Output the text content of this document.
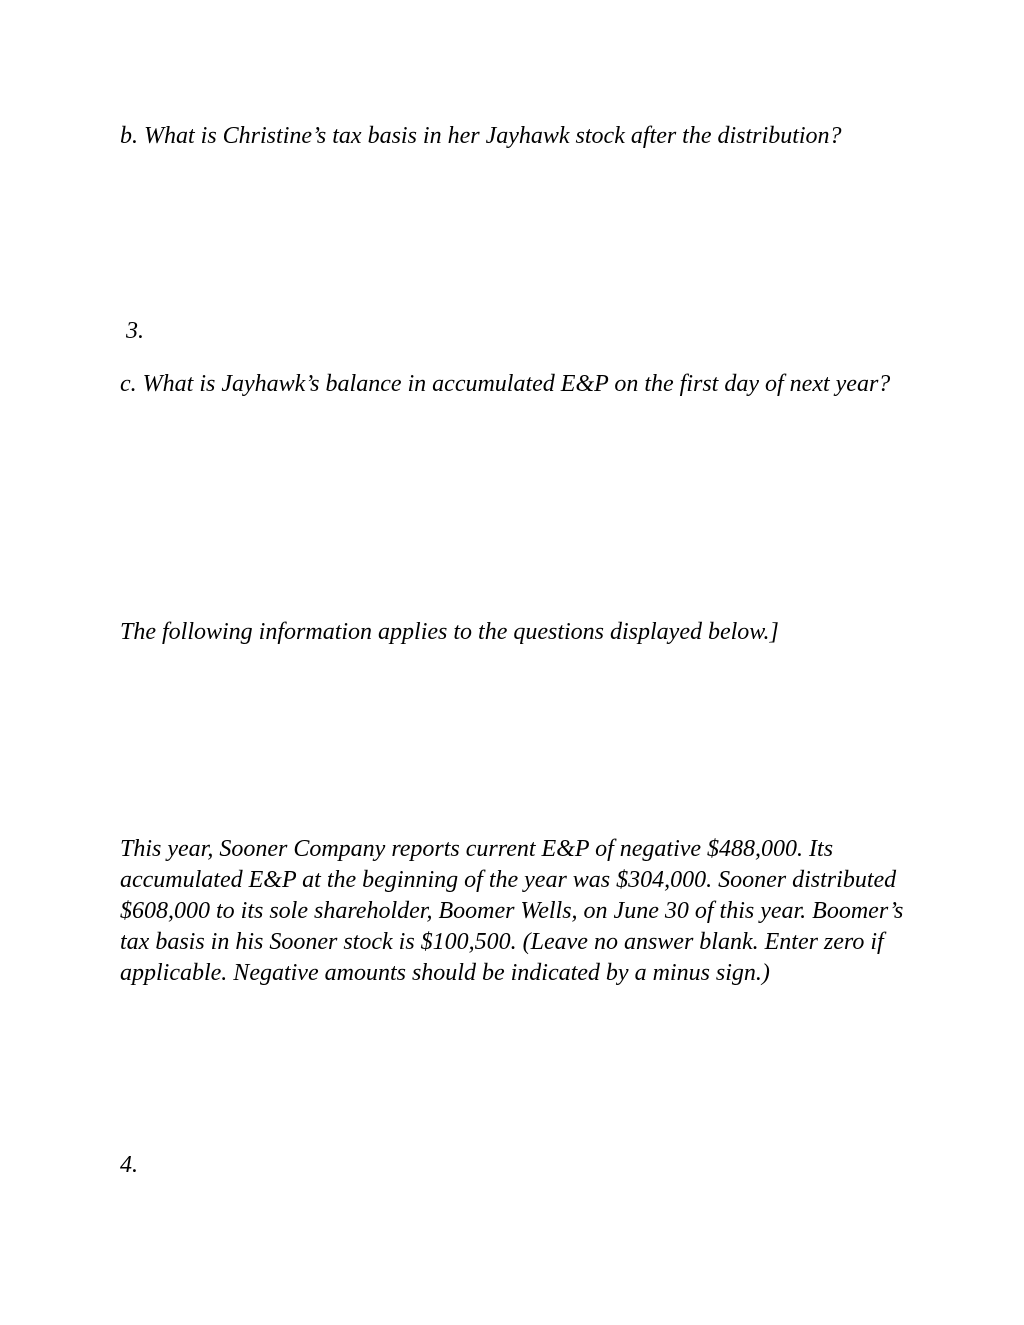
b. What is Christine’s tax basis in her Jayhawk stock after the distribution?

3.

c. What is Jayhawk’s balance in accumulated E&P on the first day of next year?

The following information applies to the questions displayed below.]

This year, Sooner Company reports current E&P of negative $488,000. Its accumulated E&P at the beginning of the year was $304,000. Sooner distributed $608,000 to its sole shareholder, Boomer Wells, on June 30 of this year. Boomer’s tax basis in his Sooner stock is $100,500. (Leave no answer blank. Enter zero if applicable. Negative amounts should be indicated by a minus sign.)

4.
